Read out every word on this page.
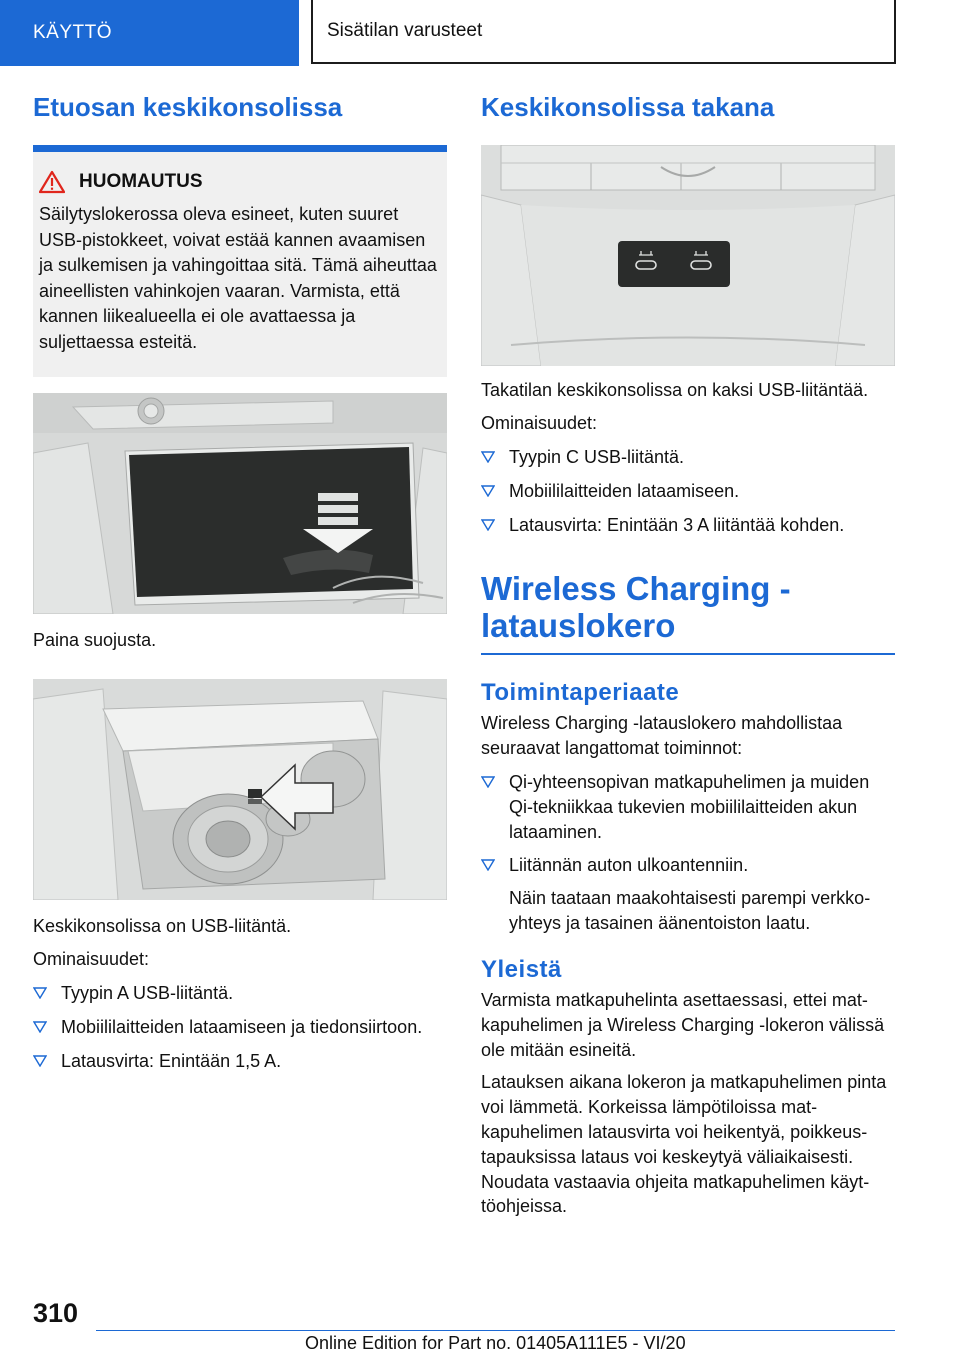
KÄYTTÖ	Sisätilan varusteet
Etuosan keskikonsolissa
HUOMAUTUS
Säilytyslokerossa oleva esineet, kuten suuret USB-pistokkeet, voivat estää kannen avaamisen ja sulkemisen ja vahingoittaa sitä. Tämä aiheuttaa aineellisten vahinkojen vaaran. Varmista, että kannen liikealueella ei ole avattaessa ja suljettaessa esteitä.

Paina suojusta.

Keskikonsolissa on USB-liitäntä.

Ominaisuudet:

Tyypin A USB-liitäntä.
Mobiililaitteiden lataamiseen ja tiedonsiirtoon.
Latausvirta: Enintään 1,5 A.
Keskikonsolissa takana

Takatilan keskikonsolissa on kaksi USB-liitäntää.

Ominaisuudet:

Tyypin C USB-liitäntä.
Mobiililaitteiden lataamiseen.
Latausvirta: Enintään 3 A liitäntää kohden.
Wireless Charging -latauslokero
Toimintaperiaate

Wireless Charging -latauslokero mahdollistaa seuraavat langattomat toiminnot:

Qi-yhteensopivan matkapuhelimen ja muiden Qi-tekniikkaa tukevien mobiililaitteiden akun lataaminen.
Liitännän auton ulkoantenniin.
Näin taataan maakohtaisesti parempi verkkoyhteys ja tasainen äänentoiston laatu.
Yleistä

Varmista matkapuhelinta asettaessasi, ettei matkapuhelimen ja Wireless Charging -lokeron välissä ole mitään esineitä.

Latauksen aikana lokeron ja matkapuhelimen pinta voi lämmetä. Korkeissa lämpötiloissa matkapuhelimen latausvirta voi heikentyä, poikkeustapauksissa lataus voi keskeytyä väliaikaisesti. Noudata vastaavia ohjeita matkapuhelimen käyttöohjeissa.

310
Online Edition for Part no. 01405A111E5 - VI/20
